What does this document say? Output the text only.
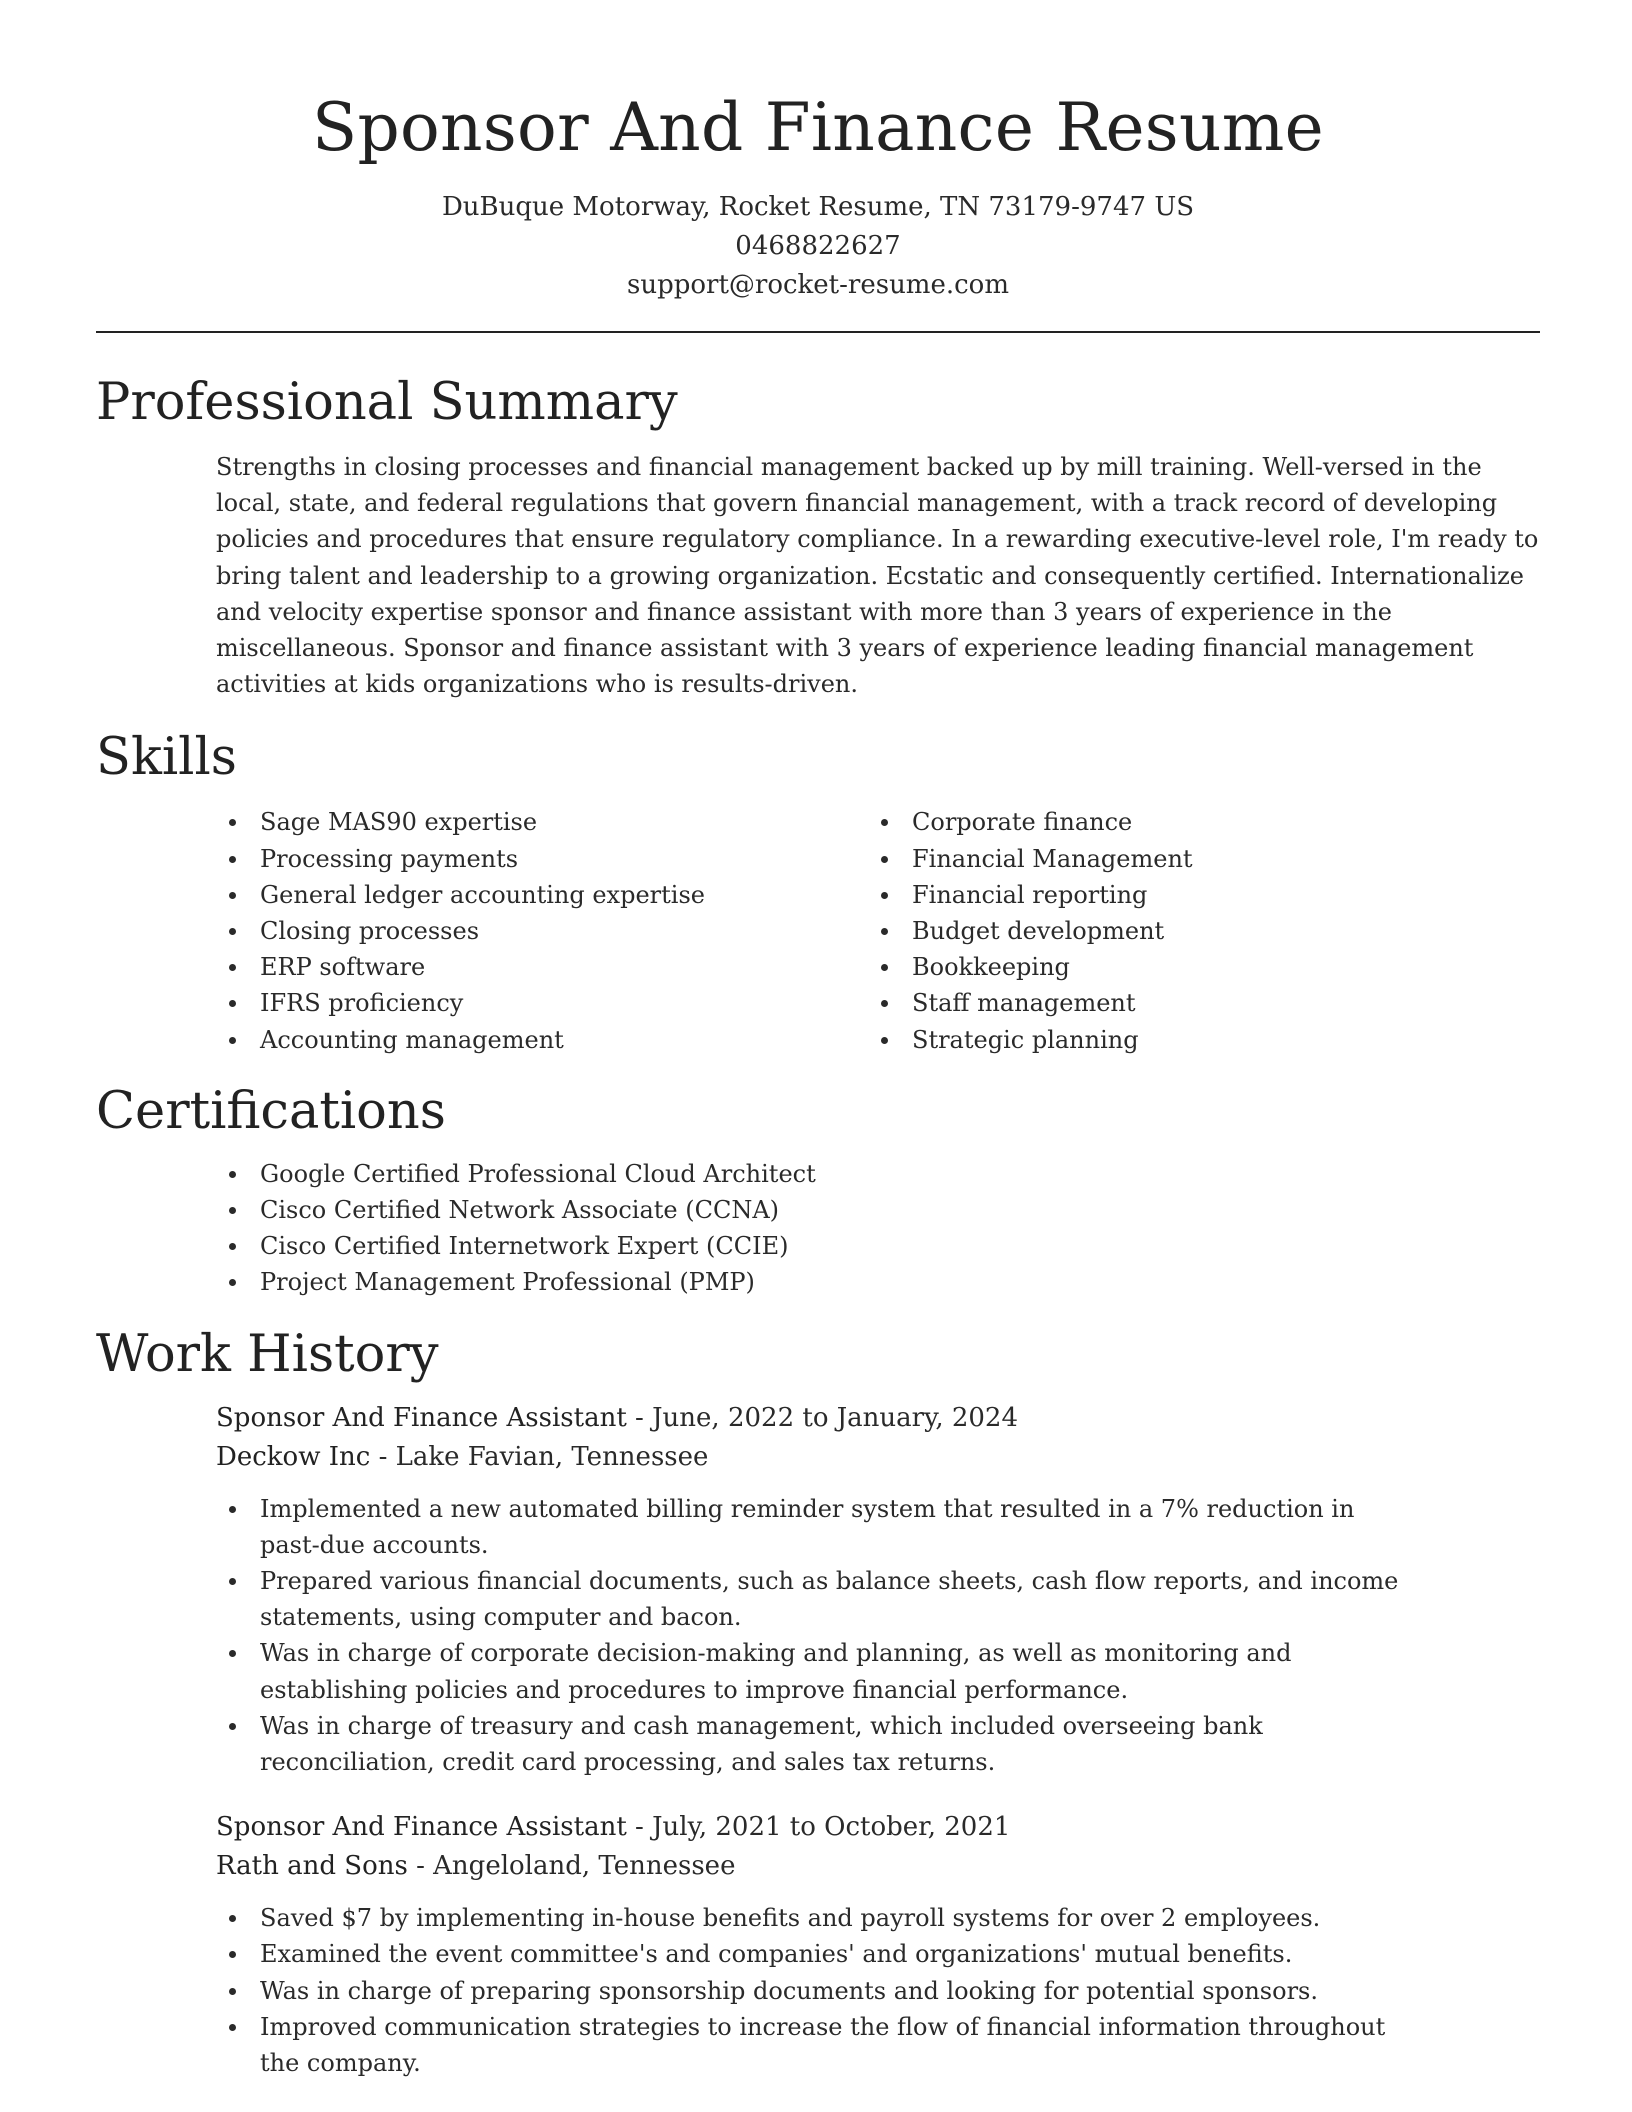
Sponsor And Finance Resume
DuBuque Motorway, Rocket Resume, TN 73179-9747 US
0468822627
support@rocket-resume.com
Professional Summary
Strengths in closing processes and financial management backed up by mill training. Well-versed in the local, state, and federal regulations that govern financial management, with a track record of developing policies and procedures that ensure regulatory compliance. In a rewarding executive-level role, I'm ready to bring talent and leadership to a growing organization. Ecstatic and consequently certified. Internationalize and velocity expertise sponsor and finance assistant with more than 3 years of experience in the miscellaneous. Sponsor and finance assistant with 3 years of experience leading financial management activities at kids organizations who is results-driven.
Skills
Sage MAS90 expertise
Processing payments
General ledger accounting expertise
Closing processes
ERP software
IFRS proficiency
Accounting management
Corporate finance
Financial Management
Financial reporting
Budget development
Bookkeeping
Staff management
Strategic planning
Certifications
Google Certified Professional Cloud Architect
Cisco Certified Network Associate (CCNA)
Cisco Certified Internetwork Expert (CCIE)
Project Management Professional (PMP)
Work History
Sponsor And Finance Assistant - June, 2022 to January, 2024
Deckow Inc - Lake Favian, Tennessee
Implemented a new automated billing reminder system that resulted in a 7% reduction in past-due accounts.
Prepared various financial documents, such as balance sheets, cash flow reports, and income statements, using computer and bacon.
Was in charge of corporate decision-making and planning, as well as monitoring and establishing policies and procedures to improve financial performance.
Was in charge of treasury and cash management, which included overseeing bank reconciliation, credit card processing, and sales tax returns.
Sponsor And Finance Assistant - July, 2021 to October, 2021
Rath and Sons - Angeloland, Tennessee
Saved $7 by implementing in-house benefits and payroll systems for over 2 employees.
Examined the event committee's and companies' and organizations' mutual benefits.
Was in charge of preparing sponsorship documents and looking for potential sponsors.
Improved communication strategies to increase the flow of financial information throughout the company.
